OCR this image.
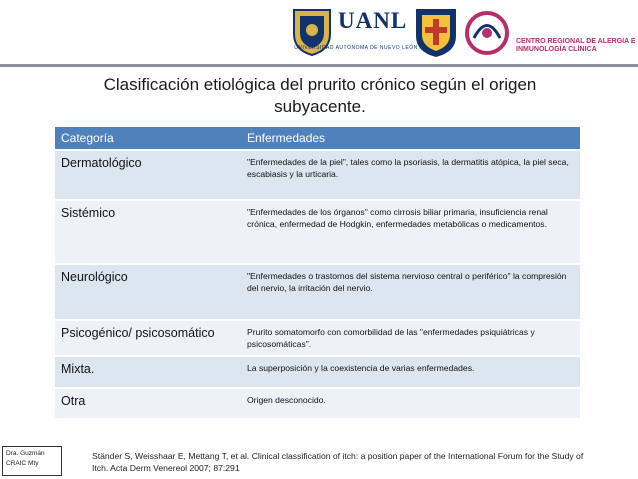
UANL
UNIVERSIDAD AUTÓNOMA DE NUEVO LEÓN
CENTRO REGIONAL DE ALERGIA E INMUNOLOGÍA CLÍNICA
Clasificación etiológica del prurito crónico según el origen subyacente.
Categoría	Enfermedades
Dermatológico	"Enfermedades de la piel", tales como la psoriasis, la dermatitis atópica, la piel seca, escabiasis y la urticaria.
Sistémico	"Enfermedades de los órganos" como cirrosis biliar primaria, insuficiencia renal crónica, enfermedad de Hodgkin, enfermedades metabólicas o medicamentos.
Neurológico	"Enfermedades o trastornos del sistema nervioso central o periférico" la compresión del nervio, la irritación del nervio.
Psicogénico/ psicosomático	Prurito somatomorfo con comorbilidad de las "enfermedades psiquiátricas y psicosomáticas".
Mixta.	La superposición y la coexistencia de varias enfermedades.
Otra	Origen desconocido.
Dra. Guzmán
CRAIC Mty
Ständer S, Weisshaar E, Mettang T, et al. Clinical classification of itch: a position paper of the International Forum for the Study of Itch. Acta Derm Venereol 2007; 87:291
